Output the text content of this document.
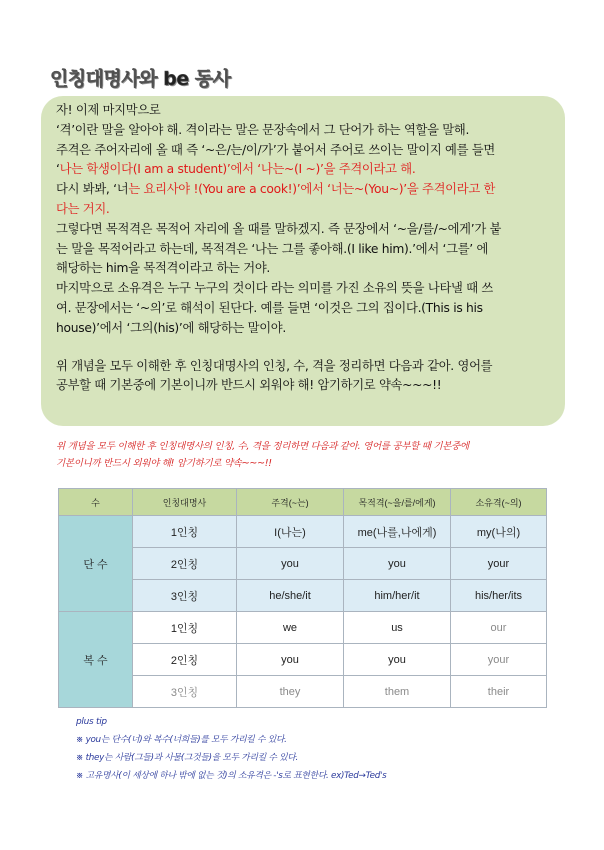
인칭대명사와 be 동사

자! 이제 마지막으로

‘격’이란 말을 알아야 해. 격이라는 말은 문장속에서 그 단어가 하는 역할을 말해.

주격은 주어자리에 올 때 즉 ‘~은/는/이/가’가 붙어서 주어로 쓰이는 말이지 예를 들면

‘나는 학생이다(I am a student)’에서 ‘나는~(I ~)’을 주격이라고 해.

다시 봐봐, ‘너는 요리사야 !(You are a cook!)’에서 ‘너는~(You~)’을 주격이라고 한

다는 거지.

그렇다면 목적격은 목적어 자리에 올 때를 말하겠지. 즉 문장에서 ‘~을/를/~에게’가 붙

는 말을 목적어라고 하는데, 목적격은 ‘나는 그를 좋아해.(I like him).’에서 ‘그를’ 에

해당하는 him을 목적격이라고 하는 거야.

마지막으로 소유격은 누구 누구의 것이다 라는 의미를 가진 소유의 뜻을 나타낼 때 쓰

여. 문장에서는 ‘~의’로 해석이 된단다. 예를 들면 ‘이것은 그의 집이다.(This is his

house)’에서 ‘그의(his)’에 해당하는 말이야.

위 개념을 모두 이해한 후 인칭대명사의 인칭, 수, 격을 정리하면 다음과 같아. 영어를

공부할 때 기본중에 기본이니까 반드시 외워야 해! 암기하기로 약속~~~!!

위 개념을 모두 이해한 후 인칭대명사의 인칭, 수, 격을 정리하면 다음과 같아. 영어를 공부할 때 기본중에
기본이니까 반드시 외워야 해! 암기하기로 약속~~~!!
수	인칭대명사	주격(~는)	목적격(~을/를/에게)	소유격(~의)
단 수	1인칭	I(나는)	me(나를,나에게)	my(나의)
	2인칭	you	you	your
	3인칭	he/she/it	him/her/it	his/her/its
복 수	1인칭	we	us	our
	2인칭	you	you	your
	3인칭	they	them	their
plus tip
※ you는 단수(너)와 복수(너희들)를 모두 가리킬 수 있다.
※ they는 사람(그들)과 사물(그것들)을 모두 가리킬 수 있다.
※ 고유명사(이 세상에 하나 밖에 없는 것)의 소유격은 -'s로 표현한다. ex)Ted→Ted's
